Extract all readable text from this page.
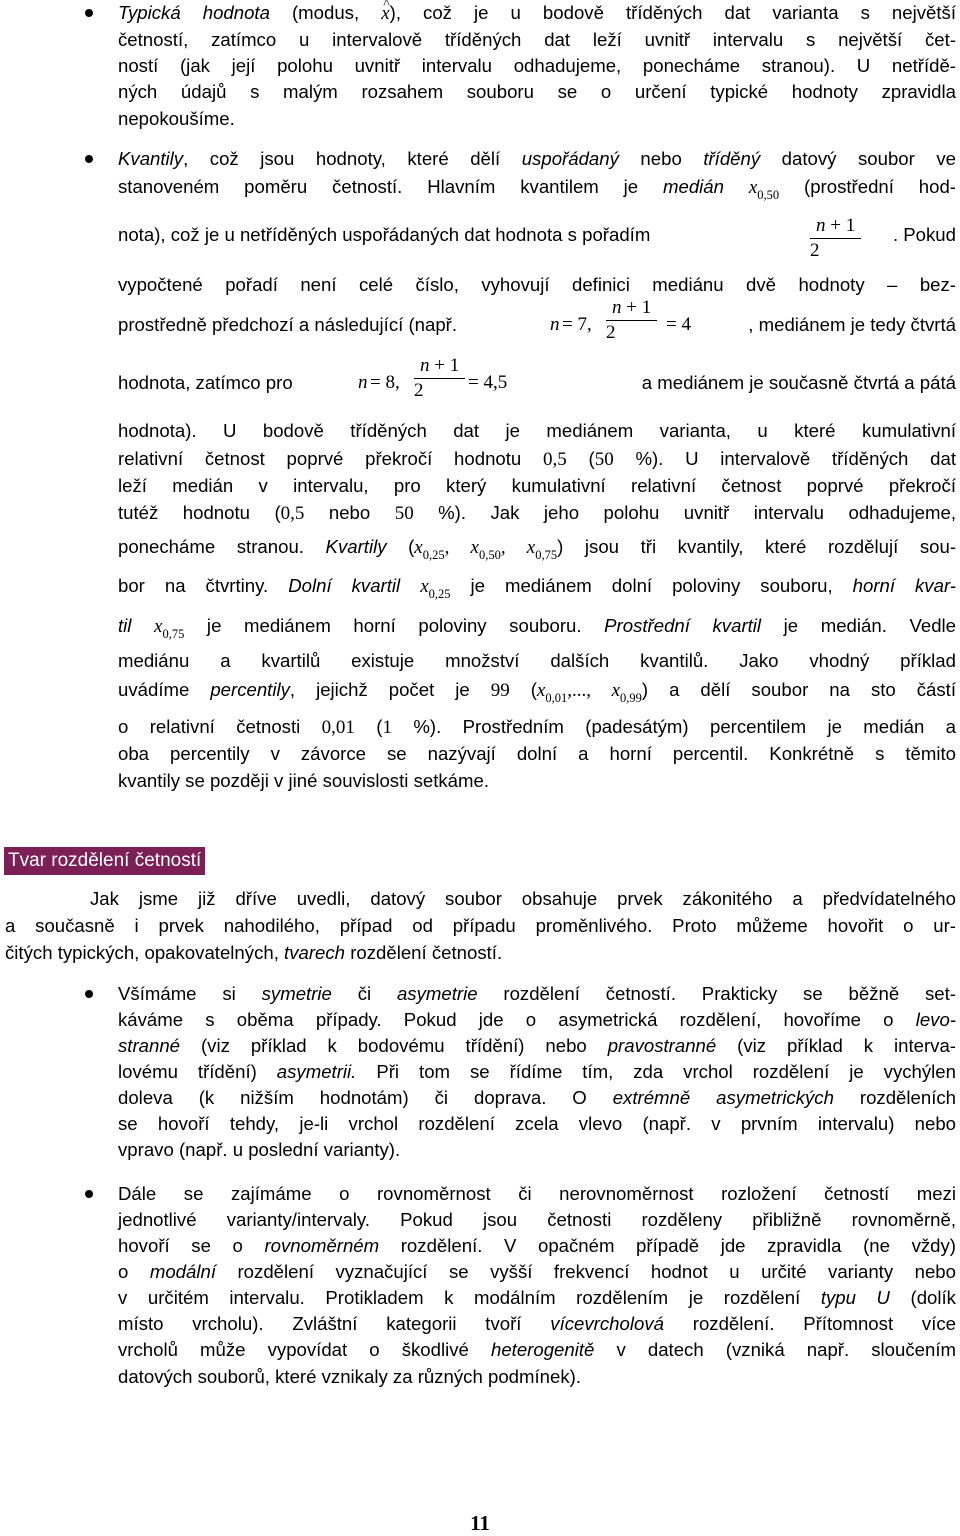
Typická hodnota (modus, ^ x), což je u bodově tříděných dat varianta s největší
četností, zatímco u intervalově tříděných dat leží uvnitř intervalu s největší čet-
ností (jak její polohu uvnitř intervalu odhadujeme, ponecháme stranou). U netřídě-
ných údajů s malým rozsahem souboru se o určení typické hodnoty zpravidla
nepokoušíme.
Kvantily, což jsou hodnoty, které dělí uspořádaný nebo tříděný datový soubor ve
stanoveném poměru četností. Hlavním kvantilem je medián $x_{0,50}$ (prostřední hod-
nota), což je u netříděných uspořádaných dat hodnota s pořadím	$\frac{n + 1}{2}$ . Pokud
vypočtené pořadí není celé číslo, vyhovují definici mediánu dvě hodnoty – bez-
prostředně předchozí a následující (např.	n = 7, $\frac{n + 1}{2} = 4$	, mediánem je tedy čtvrtá
hodnota, zatímco pro	n = 8, $\frac{n + 1}{2} = 4,5$	a mediánem je současně čtvrtá a pátá
hodnota). U bodově tříděných dat je mediánem varianta, u které kumulativní
relativní četnost poprvé překročí hodnotu 0,5 (50 %). U intervalově tříděných dat
leží medián v intervalu, pro který kumulativní relativní četnost poprvé překročí
tutéž hodnotu (0,5 nebo 50 %). Jak jeho polohu uvnitř intervalu odhadujeme,
ponecháme stranou. Kvartily ($x_{0,25}$, $x_{0,50}$, $x_{0,75}$) jsou tři kvantily, které rozdělují sou-
bor na čtvrtiny. Dolní kvartil $x_{0,25}$ je mediánem dolní poloviny souboru, horní kvar-
til $x_{0,75}$ je mediánem horní poloviny souboru. Prostřední kvartil je medián. Vedle
mediánu a kvartilů existuje množství dalších kvantilů. Jako vhodný příklad
uvádíme percentily, jejichž počet je 99 ($x_{0,01}$,..., $x_{0,99}$) a dělí soubor na sto částí
o relativní četnosti 0,01 (1 %). Prostředním (padesátým) percentilem je medián a
oba percentily v závorce se nazývají dolní a horní percentil. Konkrétně s těmito
kvantily se později v jiné souvislosti setkáme.
Tvar rozdělení četností
Jak jsme již dříve uvedli, datový soubor obsahuje prvek zákonitého a předvídatelného
a současně i prvek nahodilého, případ od případu proměnlivého. Proto můžeme hovořit o ur-
čitých typických, opakovatelných, tvarech rozdělení četností.
Všímáme si symetrie či asymetrie rozdělení četností. Prakticky se běžně set-
káváme s oběma případy. Pokud jde o asymetrická rozdělení, hovoříme o levo-
stranné (viz příklad k bodovému třídění) nebo pravostranné (viz příklad k interva-
lovému třídění) asymetrii. Při tom se řídíme tím, zda vrchol rozdělení je vychýlen
doleva (k nižším hodnotám) či doprava. O extrémně asymetrických rozděleních
se hovoří tehdy, je-li vrchol rozdělení zcela vlevo (např. v prvním intervalu) nebo
vpravo (např. u poslední varianty).
Dále se zajímáme o rovnoměrnost či nerovnoměrnost rozložení četností mezi
jednotlivé varianty/intervaly. Pokud jsou četnosti rozděleny přibližně rovnoměrně,
hovoří se o rovnoměrném rozdělení. V opačném případě jde zpravidla (ne vždy)
o modální rozdělení vyznačující se vyšší frekvencí hodnot u určité varianty nebo
v určitém intervalu. Protikladem k modálním rozdělením je rozdělení typu U (dolík
místo vrcholu). Zvláštní kategorii tvoří vícevrcholová rozdělení. Přítomnost více
vrcholů může vypovídat o škodlivé heterogenitě v datech (vzniká např. sloučením
datových souborů, které vznikaly za různých podmínek).
11
